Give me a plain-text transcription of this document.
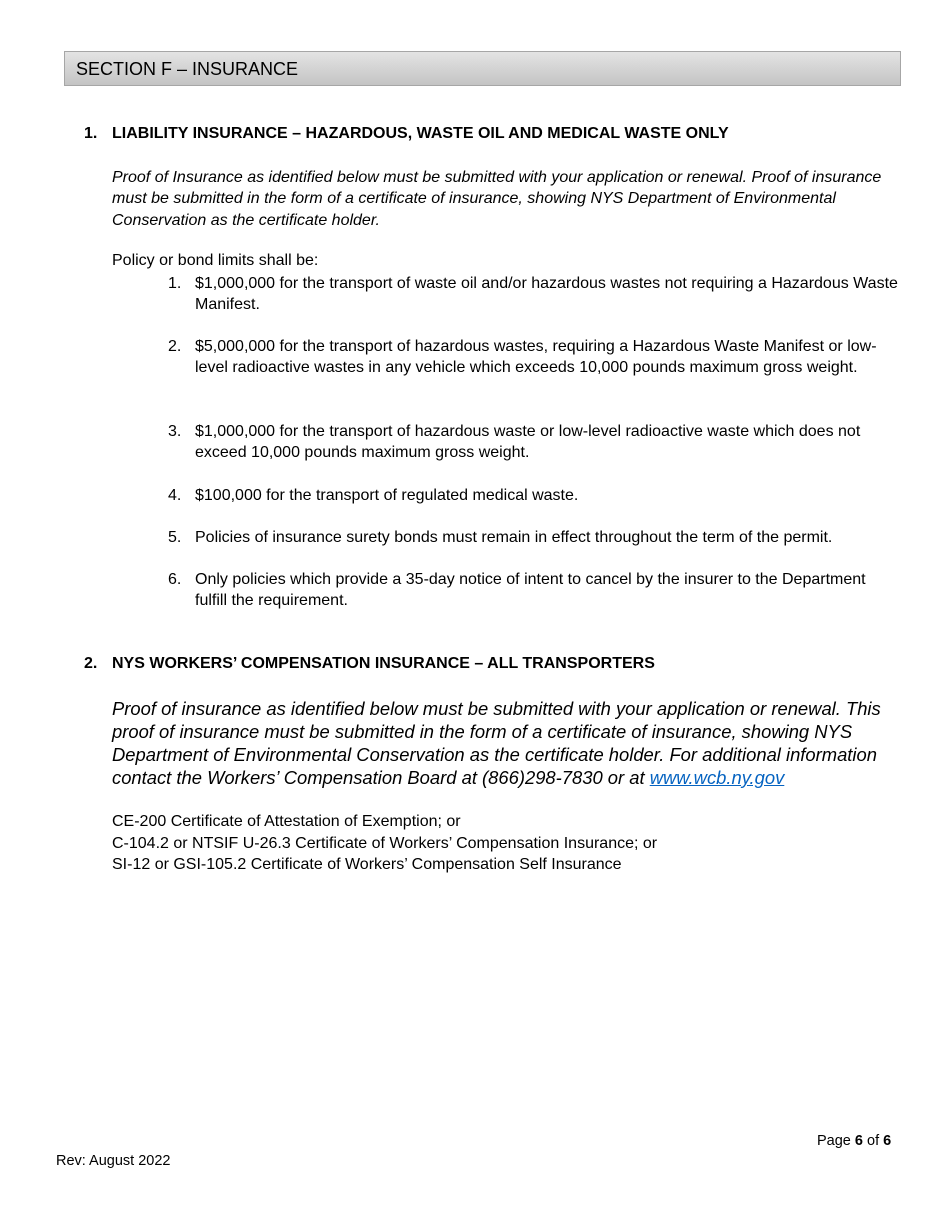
SECTION F – INSURANCE
1. LIABILITY INSURANCE – HAZARDOUS, WASTE OIL AND MEDICAL WASTE ONLY
Proof of Insurance as identified below must be submitted with your application or renewal. Proof of insurance must be submitted in the form of a certificate of insurance, showing NYS Department of Environmental Conservation as the certificate holder.
Policy or bond limits shall be:
1. $1,000,000 for the transport of waste oil and/or hazardous wastes not requiring a Hazardous Waste Manifest.
2. $5,000,000 for the transport of hazardous wastes, requiring a Hazardous Waste Manifest or low-level radioactive wastes in any vehicle which exceeds 10,000 pounds maximum gross weight.
3. $1,000,000 for the transport of hazardous waste or low-level radioactive waste which does not exceed 10,000 pounds maximum gross weight.
4. $100,000 for the transport of regulated medical waste.
5. Policies of insurance surety bonds must remain in effect throughout the term of the permit.
6. Only policies which provide a 35-day notice of intent to cancel by the insurer to the Department fulfill the requirement.
2. NYS WORKERS’ COMPENSATION INSURANCE – ALL TRANSPORTERS
Proof of insurance as identified below must be submitted with your application or renewal. This proof of insurance must be submitted in the form of a certificate of insurance, showing NYS Department of Environmental Conservation as the certificate holder. For additional information contact the Workers’ Compensation Board at (866)298-7830 or at www.wcb.ny.gov
CE-200 Certificate of Attestation of Exemption; or
C-104.2 or NTSIF U-26.3 Certificate of Workers’ Compensation Insurance; or
SI-12 or GSI-105.2 Certificate of Workers’ Compensation Self Insurance
Page 6 of 6
Rev: August 2022
